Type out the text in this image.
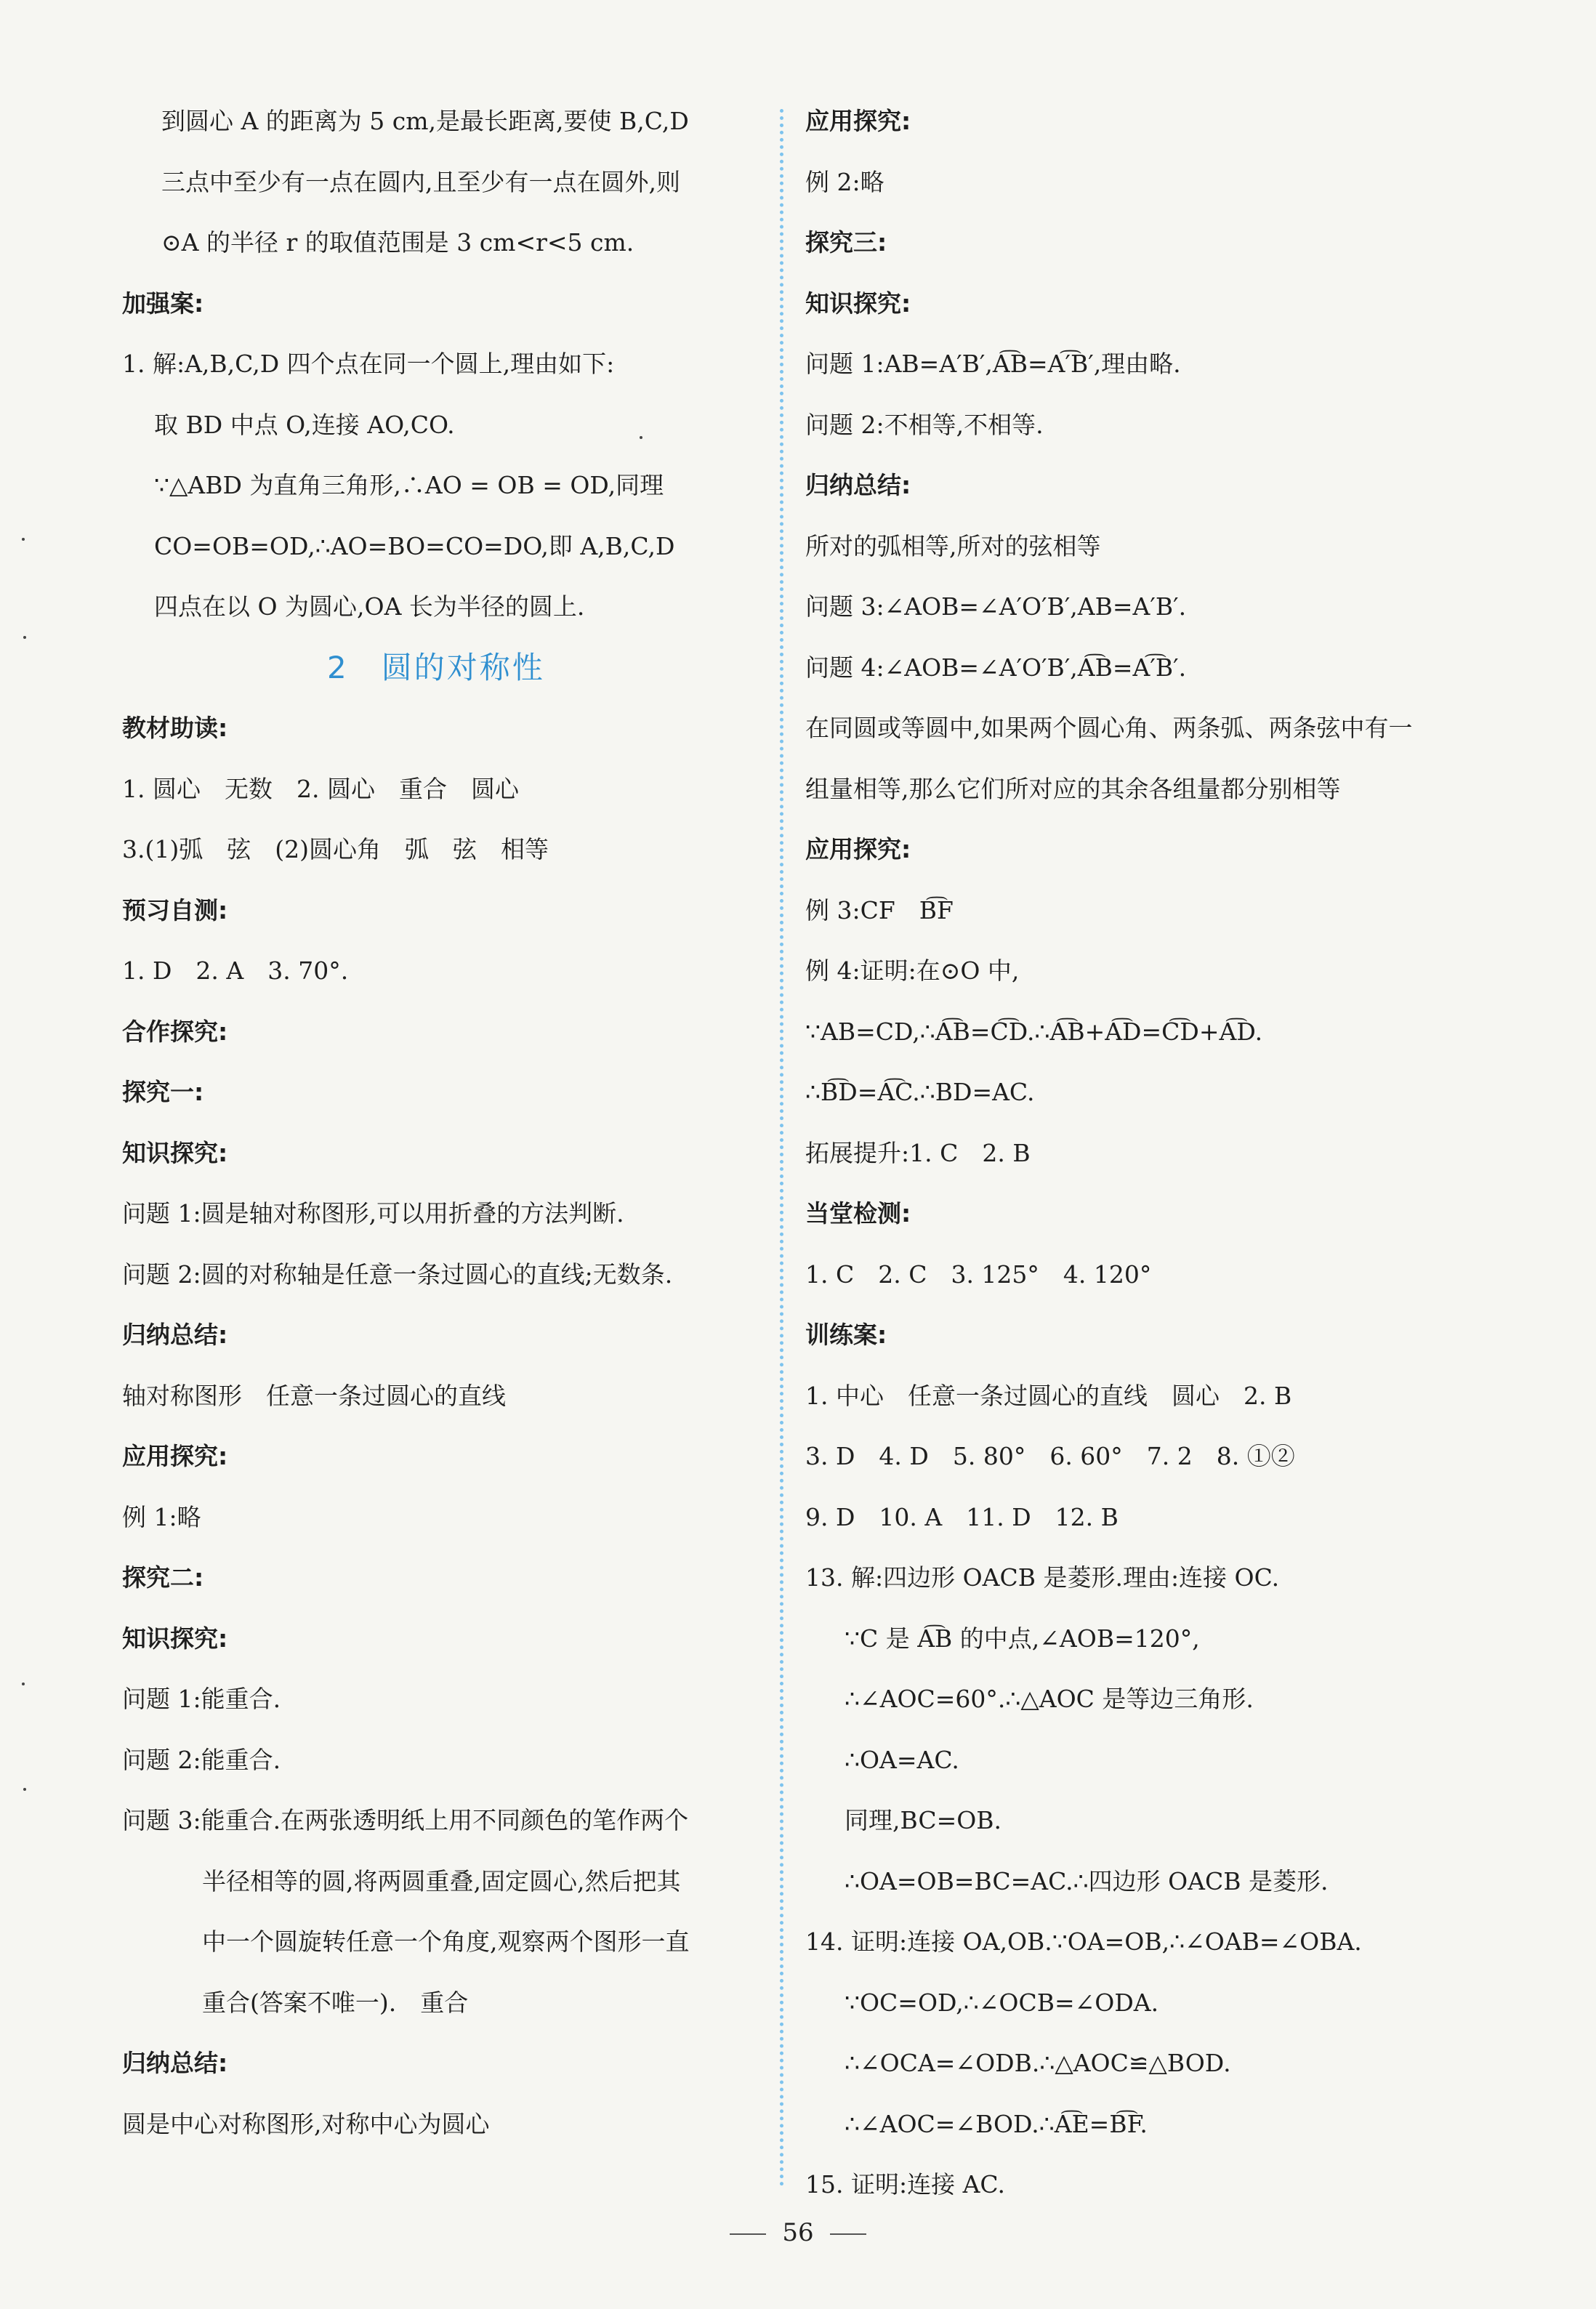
到圆心 A 的距离为 5 cm,是最长距离,要使 B,C,D
三点中至少有一点在圆内,且至少有一点在圆外,则
⊙A 的半径 r 的取值范围是 3 cm<r<5 cm.
加强案:
1. 解:A,B,C,D 四个点在同一个圆上,理由如下:
取 BD 中点 O,连接 AO,CO.
∵△ABD 为直角三角形,∴AO = OB = OD,同理
CO=OB=OD,∴AO=BO=CO=DO,即 A,B,C,D
四点在以 O 为圆心,OA 长为半径的圆上.
2　圆的对称性
教材助读:
1. 圆心　无数　2. 圆心　重合　圆心
3.(1)弧　弦　(2)圆心角　弧　弦　相等
预习自测:
1. D　2. A　3. 70°.
合作探究:
探究一:
知识探究:
问题 1:圆是轴对称图形,可以用折叠的方法判断.
问题 2:圆的对称轴是任意一条过圆心的直线;无数条.
归纳总结:
轴对称图形　任意一条过圆心的直线
应用探究:
例 1:略
探究二:
知识探究:
问题 1:能重合.
问题 2:能重合.
问题 3:能重合.在两张透明纸上用不同颜色的笔作两个
半径相等的圆,将两圆重叠,固定圆心,然后把其
中一个圆旋转任意一个角度,观察两个图形一直
重合(答案不唯一).　重合
归纳总结:
圆是中心对称图形,对称中心为圆心
应用探究:
例 2:略
探究三:
知识探究:
问题 1:AB=A′B′,A͡B=A′͡B′,理由略.
问题 2:不相等,不相等.
归纳总结:
所对的弧相等,所对的弦相等
问题 3:∠AOB=∠A′O′B′,AB=A′B′.
问题 4:∠AOB=∠A′O′B′,A͡B=A′͡B′.
在同圆或等圆中,如果两个圆心角、两条弧、两条弦中有一
组量相等,那么它们所对应的其余各组量都分别相等
应用探究:
例 3:CF　B͡F
例 4:证明:在⊙O 中,
∵AB=CD,∴A͡B=C͡D.∴A͡B+A͡D=C͡D+A͡D.
∴B͡D=A͡C.∴BD=AC.
拓展提升:1. C　2. B
当堂检测:
1. C　2. C　3. 125°　4. 120°
训练案:
1. 中心　任意一条过圆心的直线　圆心　2. B
3. D　4. D　5. 80°　6. 60°　7. 2　8. ①②
9. D　10. A　11. D　12. B
13. 解:四边形 OACB 是菱形.理由:连接 OC.
∵C 是 A͡B 的中点,∠AOB=120°,
∴∠AOC=60°.∴△AOC 是等边三角形.
∴OA=AC.
同理,BC=OB.
∴OA=OB=BC=AC.∴四边形 OACB 是菱形.
14. 证明:连接 OA,OB.∵OA=OB,∴∠OAB=∠OBA.
∵OC=OD,∴∠OCB=∠ODA.
∴∠OCA=∠ODB.∴△AOC≌△BOD.
∴∠AOC=∠BOD.∴A͡E=B͡F.
15. 证明:连接 AC.
56
